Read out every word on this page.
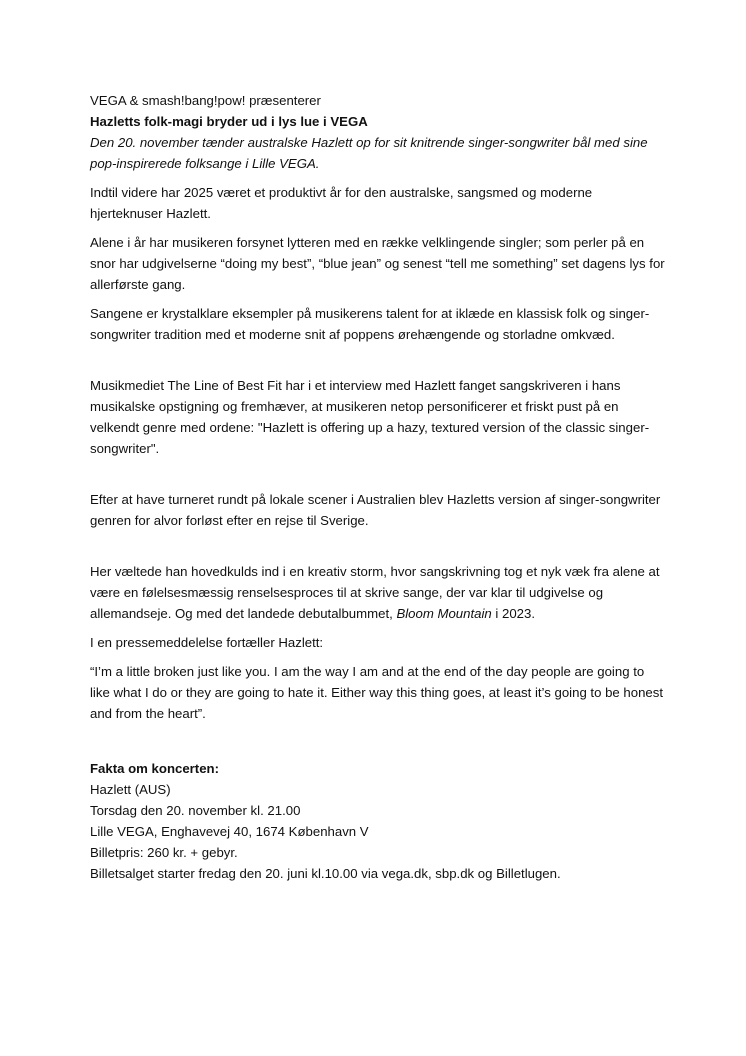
VEGA & smash!bang!pow! præsenterer

Hazletts folk-magi bryder ud i lys lue i VEGA

Den 20. november tænder australske Hazlett op for sit knitrende singer-songwriter bål med sine pop-inspirerede folksange i Lille VEGA.

Indtil videre har 2025 været et produktivt år for den australske, sangsmed og moderne hjerteknuser Hazlett.

Alene i år har musikeren forsynet lytteren med en række velklingende singler; som perler på en snor har udgivelserne “doing my best”, “blue jean” og senest “tell me something” set dagens lys for allerførste gang.

Sangene er krystalklare eksempler på musikerens talent for at iklæde en klassisk folk og singer-songwriter tradition med et moderne snit af poppens ørehængende og storladne omkvæd.

Musikmediet The Line of Best Fit har i et interview med Hazlett fanget sangskriveren i hans musikalske opstigning og fremhæver, at musikeren netop personificerer et friskt pust på en velkendt genre med ordene: "Hazlett is offering up a hazy, textured version of the classic singer-songwriter".

Efter at have turneret rundt på lokale scener i Australien blev Hazletts version af singer-songwriter genren for alvor forløst efter en rejse til Sverige.

Her væltede han hovedkulds ind i en kreativ storm, hvor sangskrivning tog et nyk væk fra alene at være en følelsesmæssig renselsesproces til at skrive sange, der var klar til udgivelse og allemandseje. Og med det landede debutalbummet, Bloom Mountain i 2023.

I en pressemeddelelse fortæller Hazlett:

“I’m a little broken just like you. I am the way I am and at the end of the day people are going to like what I do or they are going to hate it. Either way this thing goes, at least it’s going to be honest and from the heart”.

Fakta om koncerten:

Hazlett (AUS)

Torsdag den 20. november kl. 21.00

Lille VEGA, Enghavevej 40, 1674 København V

Billetpris: 260 kr. + gebyr.

Billetsalget starter fredag den 20. juni kl.10.00 via vega.dk, sbp.dk og Billetlugen.
